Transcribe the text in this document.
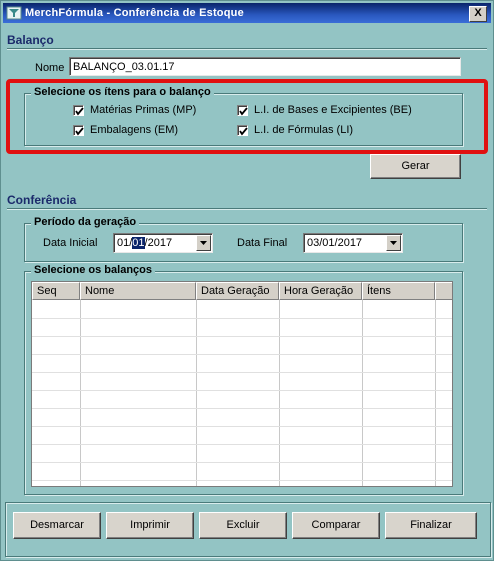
MerchFórmula - Conferência de Estoque	X
Balanço
Nome
BALANÇO_03.01.17
Selecione os ítens para o balanço
Matérias Primas (MP)	L.I. de Bases e Excipientes (BE)
Embalagens (EM)	L.I. de Fórmulas (LI)
Gerar
Conferência
Período da geração
Data Inicial 01/01/2017	Data Final 03/01/2017
Selecione os balanços
Seq	Nome	Data Geração	Hora Geração	Ítens
Desmarcar	Imprimir	Excluir	Comparar	Finalizar
